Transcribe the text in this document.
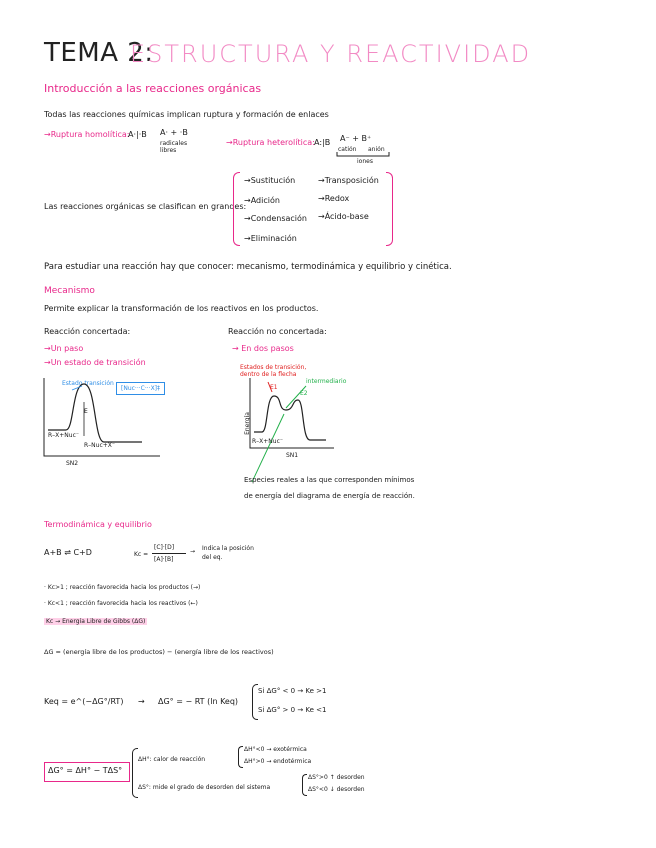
TEMA 2:
ESTRUCTURA Y REACTIVIDAD
Introducción a las reacciones orgánicas
Todas las reacciones químicas implican ruptura y formación de enlaces
→Ruptura homolítica:
A·|·B A· + ·B
radicales libres
→Ruptura heterolítica: A:|B A⁻ + B⁺
catión anión
iones
Las reacciones orgánicas se clasifican en grandes:
→Sustitución
→Adición
→Condensación
→Eliminación
→Transposición
→Redox
→Ácido-base
Para estudiar una reacción hay que conocer: mecanismo, termodinámica y equilibrio y cinética.
Mecanismo
Permite explicar la transformación de los reactivos en los productos.
Reacción concertada:
→Un paso
→Un estado de transición
Estado transición
[Nuc···C···X]‡
E
R–X+Nuc⁻
R–Nuc+X⁻
SN2
Reacción no concertada:
→ En dos pasos
Estados de transición, dentro de la flecha
E1
intermediario
E2
Energía
R–X+Nuc⁻
SN1
Especies reales a las que corresponden mínimos
de energía del diagrama de energía de reacción.
Termodinámica y equilibrio
A+B ⇌ C+D	Kc =
[C]·[D]
[A]·[B]
→ Indica la posición del eq.
· Kc>1 ; reacción favorecida hacia los productos (→)
· Kc<1 ; reacción favorecida hacia los reactivos (←)
Kc → Energía Libre de Gibbs (ΔG)
ΔG = (energía libre de los productos) − (energía libre de los reactivos)
Keq = e^(−ΔG°/RT) → ΔG° = − RT (ln Keq)
Si ΔG° < 0 → Ke >1
Si ΔG° > 0 → Ke <1
ΔG° = ΔH° − TΔS°
ΔH°: calor de reacción
ΔH°<0 → exotérmica
ΔH°>0 → endotérmica
ΔS°: mide el grado de desorden del sistema
ΔS°>0 ↑ desorden
ΔS°<0 ↓ desorden
